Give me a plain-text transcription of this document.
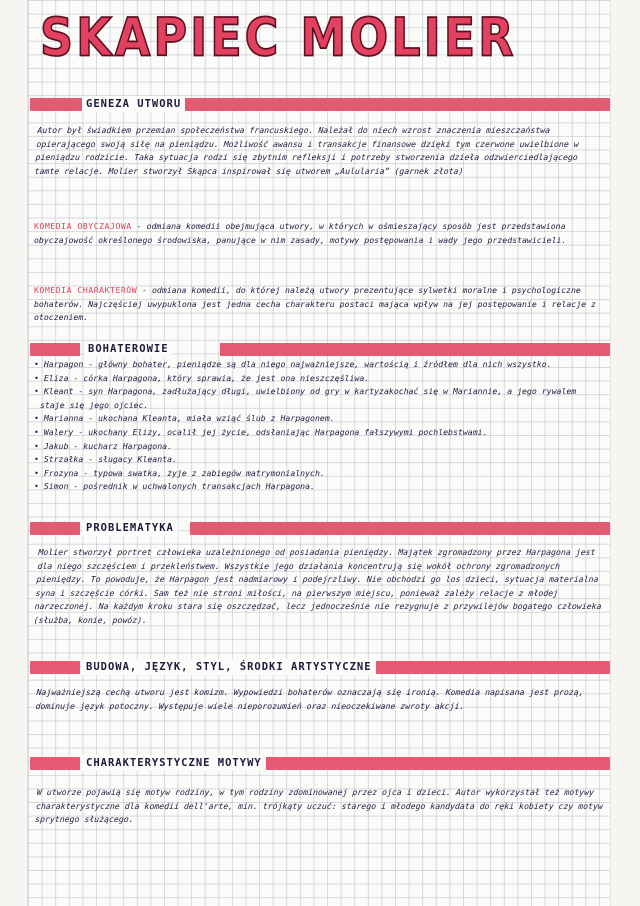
SKAPIEC MOLIER
GENEZA UTWORU

Autor był świadkiem przemian społeczeństwa francuskiego. Należał do niech wzrost znaczenia mieszczaństwa opierającego swoją siłę na pieniądzu. Możliwość awansu i transakcje finansowe dzięki tym czerwone uwielbione w pieniądzu rodzicie. Taka sytuacja rodzi się zbytnim refleksji i potrzeby stworzenia dzieła odzwierciedlającego tamte relacje. Molier stworzył Skąpca inspirował się utworem „Aulularia” (garnek złota)

KOMEDIA OBYCZAJOWA - odmiana komedii obejmująca utwory, w których w ośmieszający sposób jest przedstawiona obyczajowość określonego środowiska, panujące w nim zasady, motywy postępowania i wady jego przedstawicieli.
KOMEDIA CHARAKTERÓW - odmiana komedii, do której należą utwory prezentujące sylwetki moralne i psychologiczne bohaterów. Najczęściej uwypuklona jest jedna cecha charakteru postaci mająca wpływ na jej postępowanie i relacje z otoczeniem.
BOHATEROWIE
• Harpagon - główny bohater, pieniądze są dla niego najważniejsze, wartością i źródłem dla nich wszystko.
• Eliza - córka Harpagona, który sprawia, że jest ona nieszczęśliwa.
• Kleant - syn Harpagona, zadłużający długi, uwielbiony od gry w kartyzakochać się w Mariannie, a jego rywalem staje się jego ojciec.
• Marianna - ukochana Kleanta, miała wziąć ślub z Harpagonem.
• Walery - ukochany Elizy, ocalił jej życie, odsłaniając Harpagona fałszywymi pochlebstwami.
• Jakub - kucharz Harpagona.
• Strzałka - sługacy Kleanta.
• Frozyna - typowa swatka, żyje z zabiegów matrymonialnych.
• Simon - pośrednik w uchwalonych transakcjach Harpagona.
PROBLEMATYKA

Molier stworzył portret człowieka uzależnionego od posiadania pieniędzy. Majątek zgromadzony przez Harpagona jest dla niego szczęściem i przekleństwem. Wszystkie jego działania koncentrują się wokół ochrony zgromadzonych pieniędzy. To powoduje, że Harpagon jest nadmiarowy i podejrzliwy. Nie obchodzi go los dzieci, sytuacja materialna syna i szczęście córki. Sam też nie stroni miłości, na pierwszym miejscu, ponieważ zależy relacje z młodej narzeczonej. Na każdym kroku stara się oszczędzać, lecz jednocześnie nie rezygnuje z przywilejów bogatego człowieka (służba, konie, powóz).

BUDOWA, JĘZYK, STYL, ŚRODKI ARTYSTYCZNE

Najważniejszą cechą utworu jest komizm. Wypowiedzi bohaterów oznaczają się ironią. Komedia napisana jest prozą, dominuje język potoczny. Występuje wiele nieporozumień oraz nieoczekiwane zwroty akcji.

CHARAKTERYSTYCZNE MOTYWY

W utworze pojawią się motyw rodziny, w tym rodziny zdominowanej przez ojca i dzieci. Autor wykorzystał też motywy charakterystyczne dla komedii dell'arte, min. trójkąty uczuć: starego i młodego kandydata do ręki kobiety czy motyw sprytnego służącego.
